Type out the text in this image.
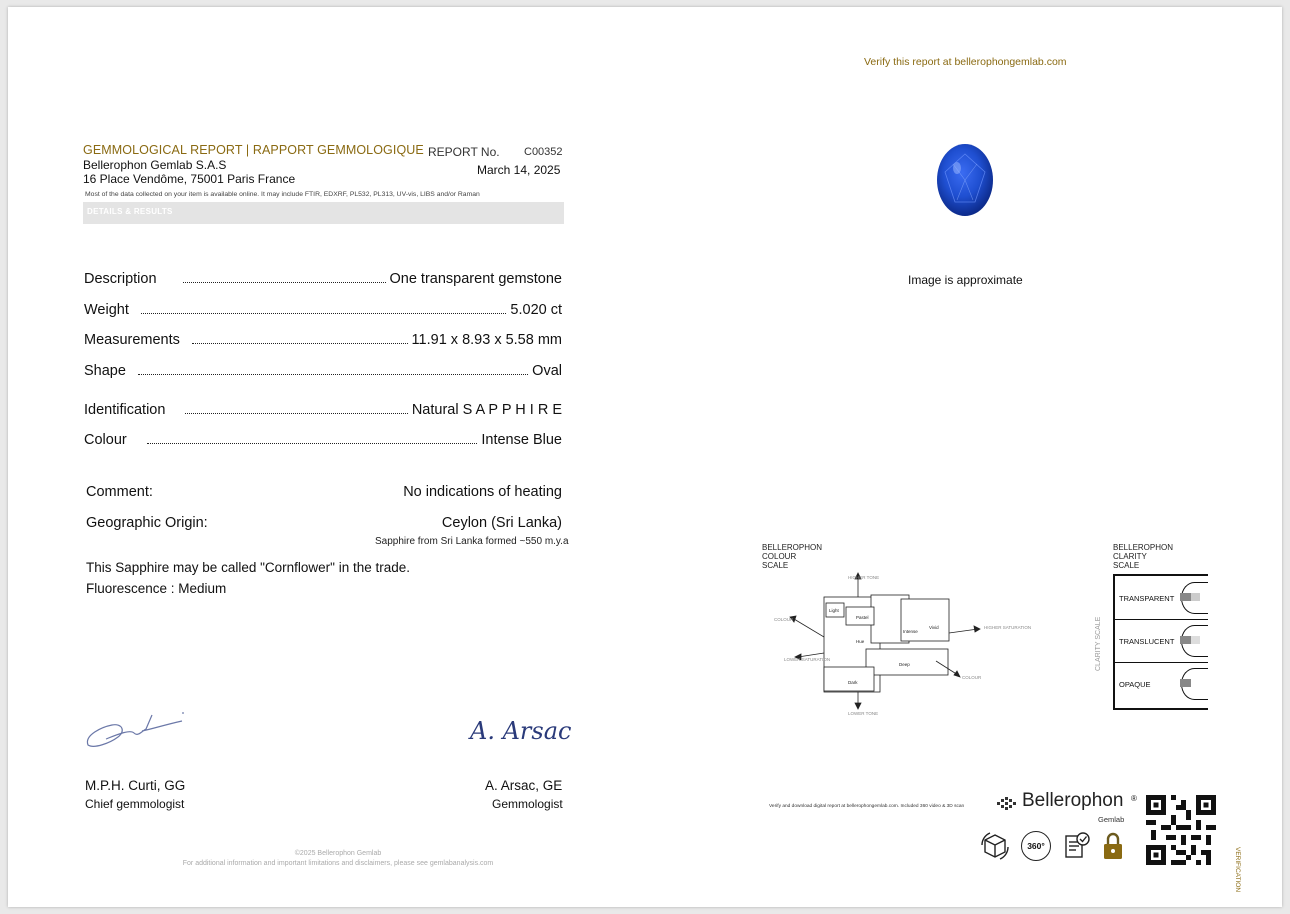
GEMMOLOGICAL REPORT | RAPPORT GEMMOLOGIQUE
Bellerophon Gemlab S.A.S
16 Place Vendôme, 75001 Paris France
REPORT No. C00352
March 14, 2025
Most of the data collected on your item is available online. It may include FTIR, EDXRF, PL532, PL313, UV-vis, LIBS and/or Raman
DETAILS & RESULTS
Description	One transparent gemstone
Weight	5.020 ct
Measurements	11.91 x 8.93 x 5.58 mm
Shape	Oval
Identification	Natural S A P P H I R E
Colour	Intense Blue
Comment:	No indications of heating
Geographic Origin:	Ceylon (Sri Lanka)
Sapphire from Sri Lanka formed ~550 m.y.a
This Sapphire may be called "Cornflower" in the trade.
Fluorescence : Medium
A. Arsac
M.P.H. Curti, GG
Chief gemmologist
A. Arsac, GE
Gemmologist
©2025 Bellerophon Gemlab
For additional information and important limitations and disclaimers, please see gemlabanalysis.com
Verify this report at bellerophongemlab.com
Image is approximate
BELLEROPHON
COLOUR
SCALE
HIGHER TONE
LOWER TONE
COLOUR
HIGHER SATURATION
LOWER SATURATION
COLOUR
Light
Pastel
Intense
Vivid
Hue
Deep
Dark
BELLEROPHON
CLARITY
SCALE
CLARITY SCALE
TRANSPARENT
TRANSLUCENT
OPAQUE
Verify and download digital report at bellerophongemlab.com. Included 360 video & 3D scan	Bellerophon ®
Gemlab
360°
VERIFICATION
